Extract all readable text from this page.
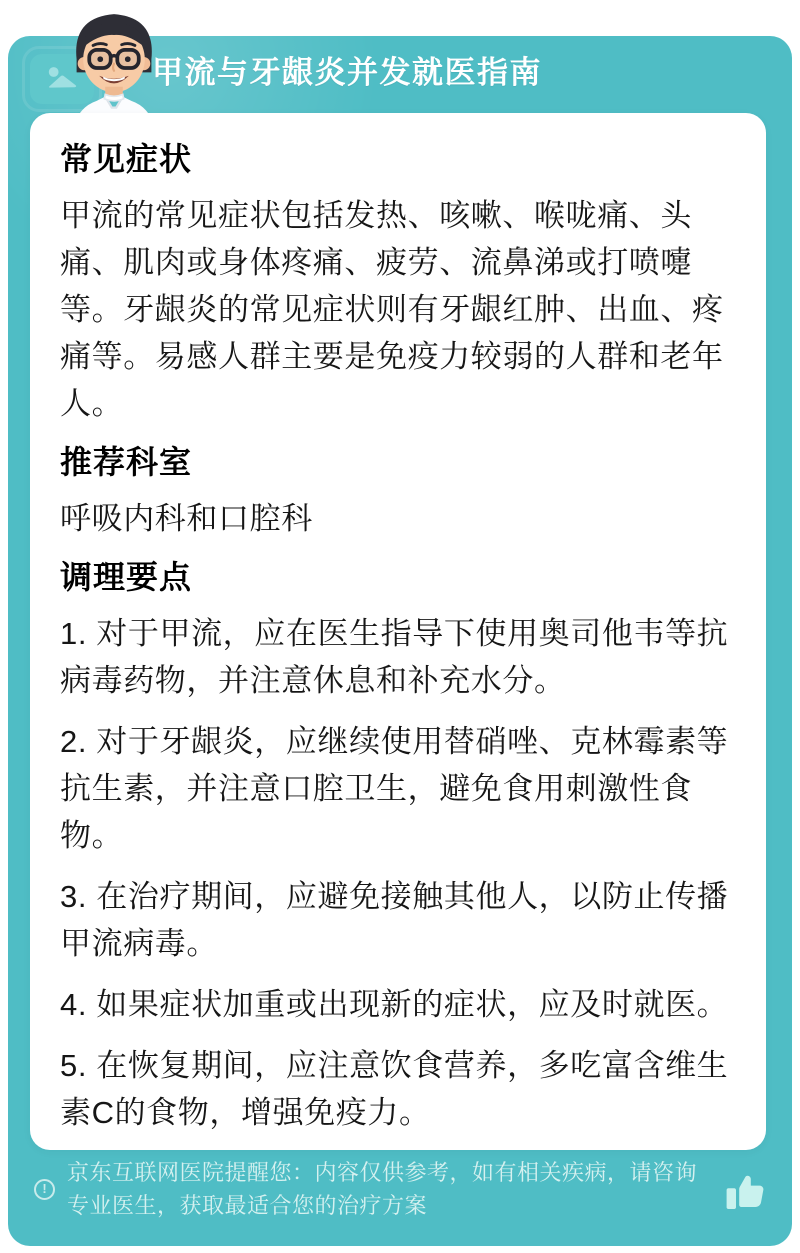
甲流与牙龈炎并发就医指南
常见症状

甲流的常见症状包括发热、咳嗽、喉咙痛、头痛、肌肉或身体疼痛、疲劳、流鼻涕或打喷嚏等。牙龈炎的常见症状则有牙龈红肿、出血、疼痛等。易感人群主要是免疫力较弱的人群和老年人。

推荐科室

呼吸内科和口腔科

调理要点

1. 对于甲流，应在医生指导下使用奥司他韦等抗病毒药物，并注意休息和补充水分。

2. 对于牙龈炎，应继续使用替硝唑、克林霉素等抗生素，并注意口腔卫生，避免食用刺激性食物。

3. 在治疗期间，应避免接触其他人，以防止传播甲流病毒。

4. 如果症状加重或出现新的症状，应及时就医。

5. 在恢复期间，应注意饮食营养，多吃富含维生素C的食物，增强免疫力。

!

京东互联网医院提醒您：内容仅供参考，如有相关疾病，请咨询专业医生，获取最适合您的治疗方案
